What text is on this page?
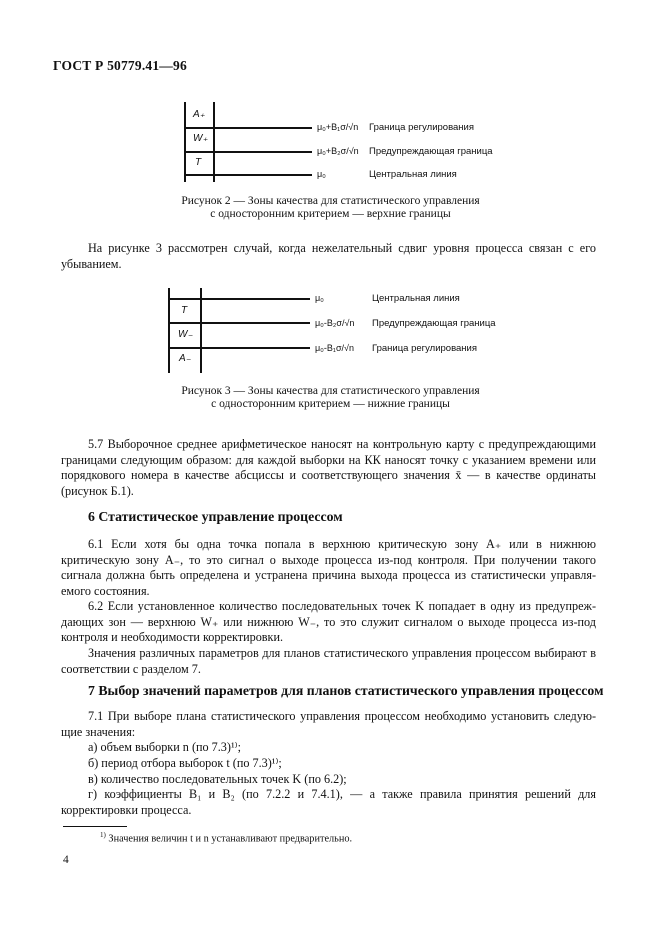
ГОСТ Р 50779.41—96
A₊
W₊
T
μ₀+B₁σ/√n
μ₀+B₂σ/√n
μ₀
Граница регулирования
Предупреждающая граница
Центральная линия
Рисунок 2 — Зоны качества для статистического управления
с односторонним критерием — верхние границы
На рисунке 3 рассмотрен случай, когда нежелательный сдвиг уровня процесса связан с его убыванием.
T
W₋
A₋
μ₀
μ₀-B₂σ/√n
μ₀-B₁σ/√n
Центральная линия
Предупреждающая граница
Граница регулирования
Рисунок 3 — Зоны качества для статистического управления
с односторонним критерием — нижние границы
5.7 Выборочное среднее арифметическое наносят на контрольную карту с предупреждающими границами следующим образом: для каждой выборки на КК наносят точку с указанием времени или порядкового номера в качестве абсциссы и соответствующего значения x̄ — в качестве ординаты (рисунок Б.1).
6 Статистическое управление процессом
6.1 Если хотя бы одна точка попала в верхнюю критическую зону A₊ или в нижнюю критическую зону A₋, то это сигнал о выходе процесса из-под контроля. При получении такого сигнала должна быть определена и устранена причина выхода процесса из статистически управляемого состояния.
6.2 Если установленное количество последовательных точек K попадает в одну из предупреждающих зон — верхнюю W₊ или нижнюю W₋, то это служит сигналом о выходе процесса из-под контроля и необходимости корректировки.
Значения различных параметров для планов статистического управления процессом выбирают в соответствии с разделом 7.
7 Выбор значений параметров для планов статистического управления процессом
7.1 При выборе плана статистического управления процессом необходимо установить следующие значения:
а) объем выборки n (по 7.3)¹⁾;
б) период отбора выборок t (по 7.3)¹⁾;
в) количество последовательных точек K (по 6.2);
г) коэффициенты B₁ и B₂ (по 7.2.2 и 7.4.1), — а также правила принятия решений для корректировки процесса.
$^{1)}$ Значения величин t и n устанавливают предварительно.
4
